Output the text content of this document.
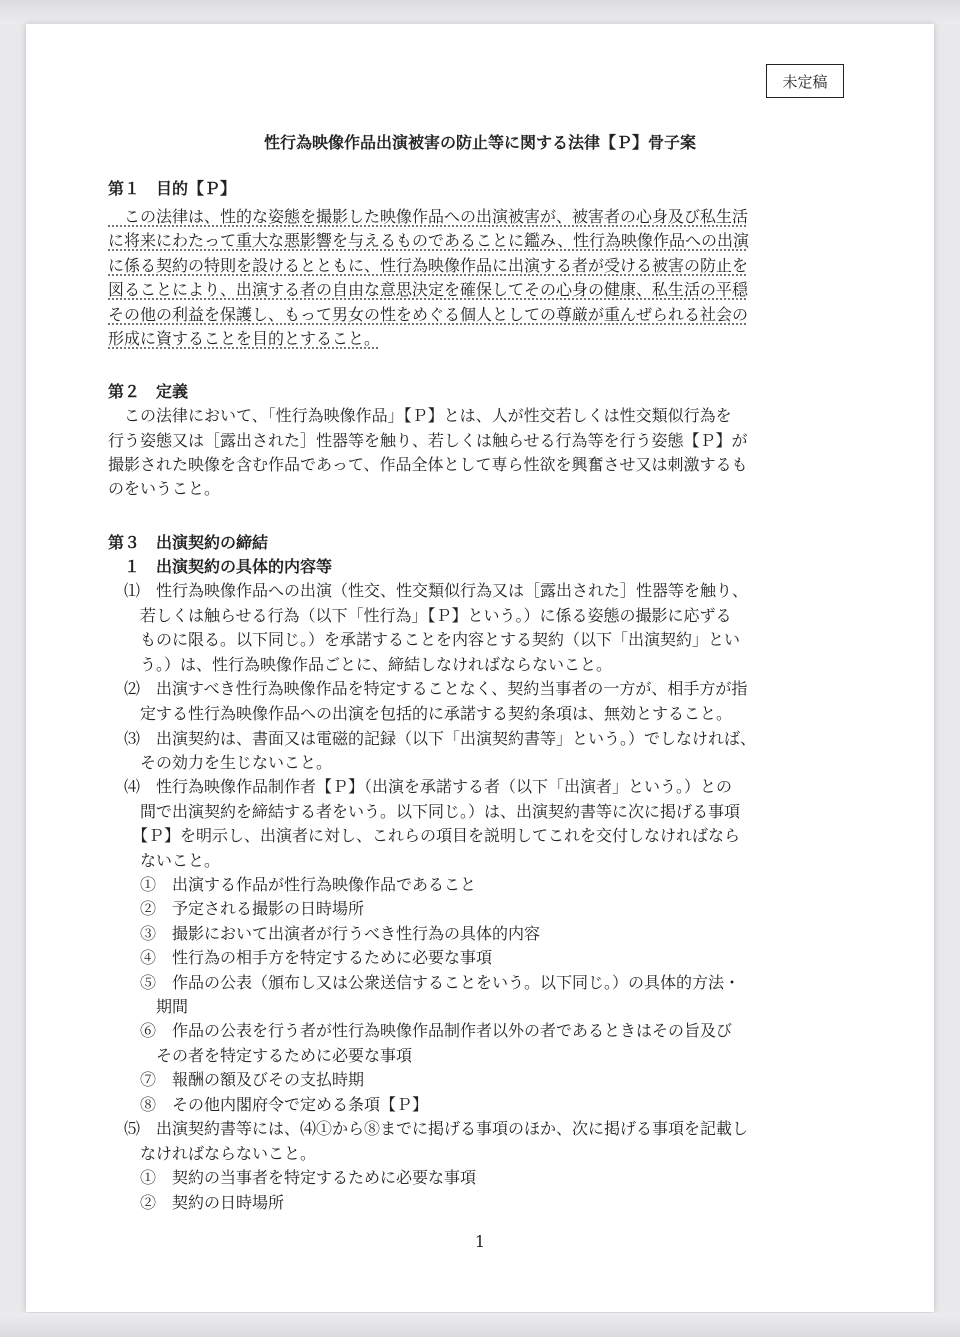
未定稿
性行為映像作品出演被害の防止等に関する法律【Ｐ】骨子案
第１　目的【Ｐ】
　この法律は、性的な姿態を撮影した映像作品への出演被害が、被害者の心身及び私生活
に将来にわたって重大な悪影響を与えるものであることに鑑み、性行為映像作品への出演
に係る契約の特則を設けるとともに、性行為映像作品に出演する者が受ける被害の防止を
図ることにより、出演する者の自由な意思決定を確保してその心身の健康、私生活の平穏
その他の利益を保護し、もって男女の性をめぐる個人としての尊厳が重んぜられる社会の
形成に資することを目的とすること。
第２　定義
　この法律において、「性行為映像作品」【Ｐ】とは、人が性交若しくは性交類似行為を
行う姿態又は［露出された］性器等を触り、若しくは触らせる行為等を行う姿態【Ｐ】が
撮影された映像を含む作品であって、作品全体として専ら性欲を興奮させ又は刺激するも
のをいうこと。
第３　出演契約の締結
　１　出演契約の具体的内容等
　⑴　性行為映像作品への出演（性交、性交類似行為又は［露出された］性器等を触り、
　　若しくは触らせる行為（以下「性行為」【Ｐ】という。）に係る姿態の撮影に応ずる
　　ものに限る。以下同じ。）を承諾することを内容とする契約（以下「出演契約」とい
　　う。）は、性行為映像作品ごとに、締結しなければならないこと。
　⑵　出演すべき性行為映像作品を特定することなく、契約当事者の一方が、相手方が指
　　定する性行為映像作品への出演を包括的に承諾する契約条項は、無効とすること。
　⑶　出演契約は、書面又は電磁的記録（以下「出演契約書等」という。）でしなければ、
　　その効力を生じないこと。
　⑷　性行為映像作品制作者【Ｐ】（出演を承諾する者（以下「出演者」という。）との
　　間で出演契約を締結する者をいう。以下同じ。）は、出演契約書等に次に掲げる事項
　　【Ｐ】を明示し、出演者に対し、これらの項目を説明してこれを交付しなければなら
　　ないこと。
　　①　出演する作品が性行為映像作品であること
　　②　予定される撮影の日時場所
　　③　撮影において出演者が行うべき性行為の具体的内容
　　④　性行為の相手方を特定するために必要な事項
　　⑤　作品の公表（頒布し又は公衆送信することをいう。以下同じ。）の具体的方法・
　　　期間
　　⑥　作品の公表を行う者が性行為映像作品制作者以外の者であるときはその旨及び
　　　その者を特定するために必要な事項
　　⑦　報酬の額及びその支払時期
　　⑧　その他内閣府令で定める条項【Ｐ】
　⑸　出演契約書等には、⑷①から⑧までに掲げる事項のほか、次に掲げる事項を記載し
　　なければならないこと。
　　①　契約の当事者を特定するために必要な事項
　　②　契約の日時場所
1
